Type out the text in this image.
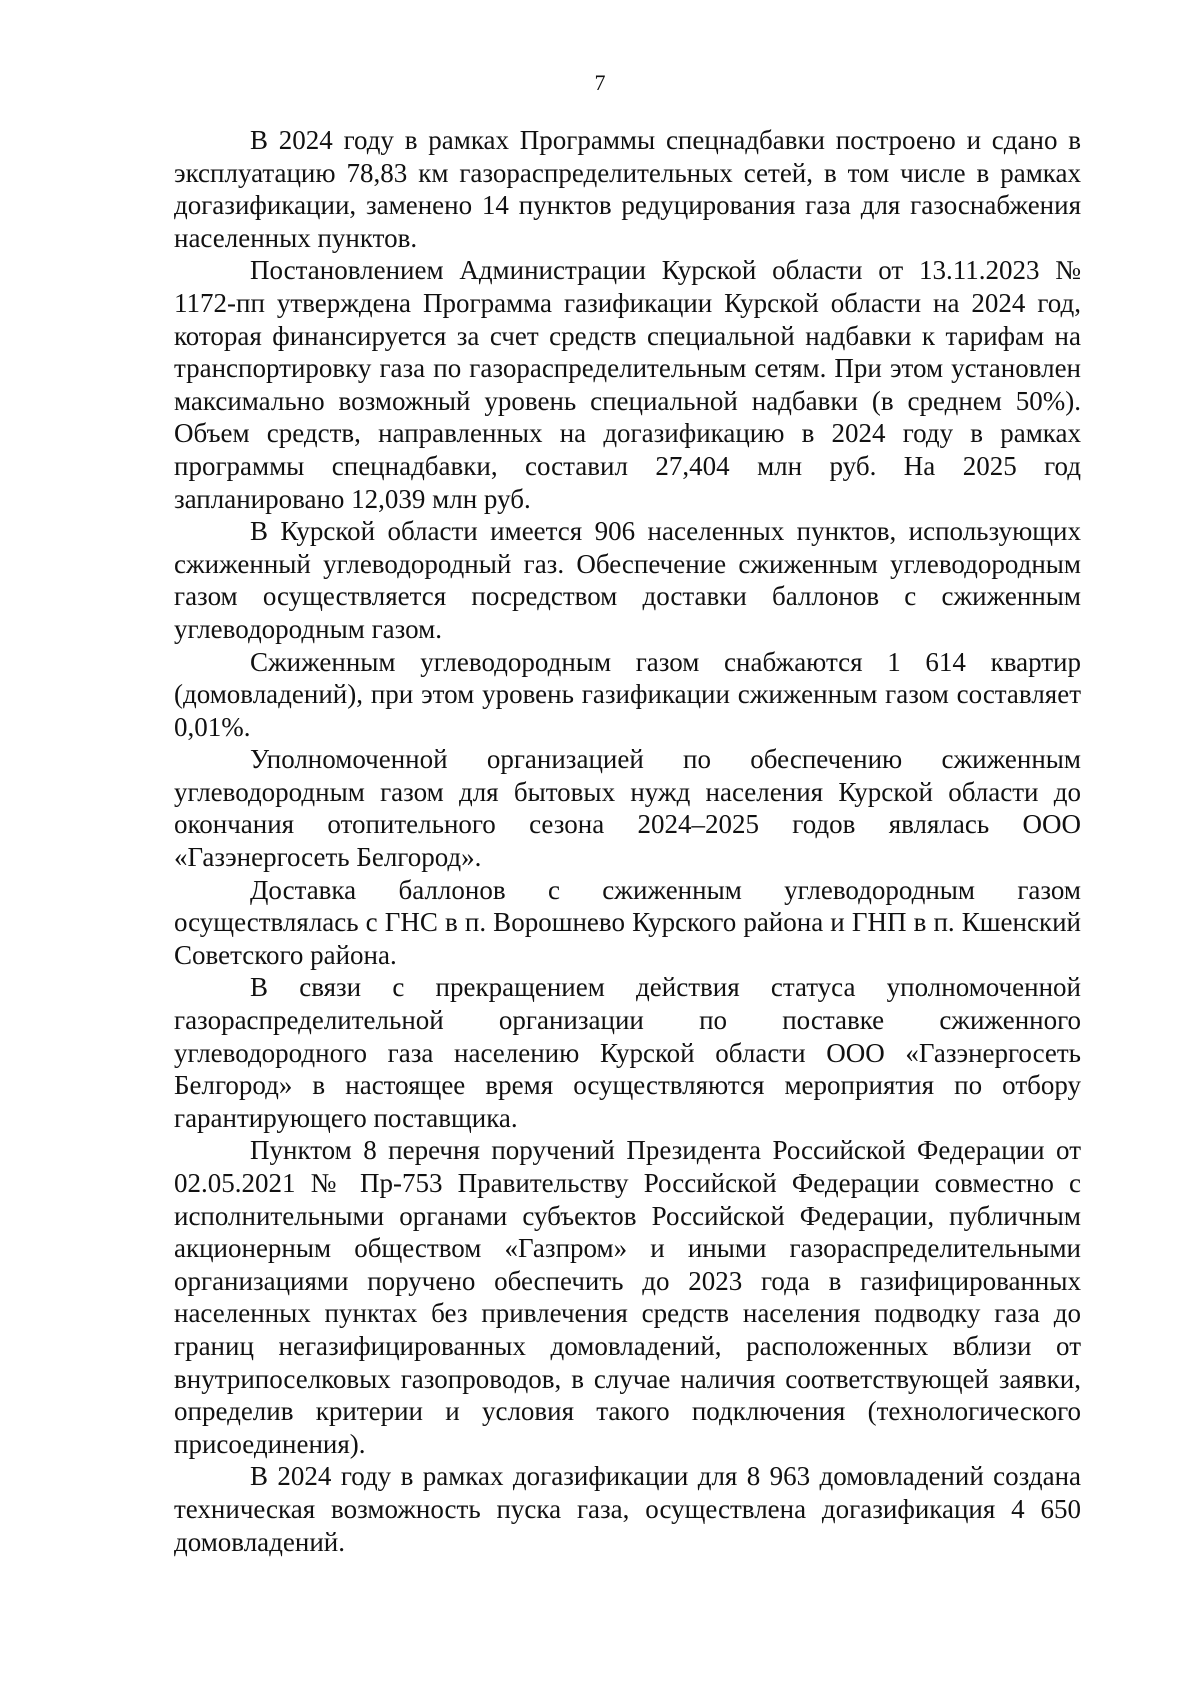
7

В 2024 году в рамках Программы спецнадбавки построено и сдано в эксплуатацию 78,83 км газораспределительных сетей, в том числе в рамках догазификации, заменено 14 пунктов редуцирования газа для газоснабжения населенных пунктов.

Постановлением Администрации Курской области от 13.11.2023 № 1172-пп утверждена Программа газификации Курской области на 2024 год, которая финансируется за счет средств специальной надбавки к тарифам на транспортировку газа по газораспределительным сетям. При этом установлен максимально возможный уровень специальной надбавки (в среднем 50%). Объем средств, направленных на догазификацию в 2024 году в рамках программы спецнадбавки, составил 27,404 млн руб. На 2025 год запланировано 12,039 млн руб.

В Курской области имеется 906 населенных пунктов, использующих сжиженный углеводородный газ. Обеспечение сжиженным углеводородным газом осуществляется посредством доставки баллонов с сжиженным углеводородным газом.

Сжиженным углеводородным газом снабжаются 1 614 квартир (домовладений), при этом уровень газификации сжиженным газом составляет 0,01%.

Уполномоченной организацией по обеспечению сжиженным углеводородным газом для бытовых нужд населения Курской области до окончания отопительного сезона 2024–2025 годов являлась ООО «Газэнергосеть Белгород».

Доставка баллонов с сжиженным углеводородным газом осуществлялась с ГНС в п. Ворошнево Курского района и ГНП в п. Кшенский Советского района.

В связи с прекращением действия статуса уполномоченной газораспределительной организации по поставке сжиженного углеводородного газа населению Курской области ООО «Газэнергосеть Белгород» в настоящее время осуществляются мероприятия по отбору гарантирующего поставщика.

Пунктом 8 перечня поручений Президента Российской Федерации от 02.05.2021 № Пр-753 Правительству Российской Федерации совместно с исполнительными органами субъектов Российской Федерации, публичным акционерным обществом «Газпром» и иными газораспределительными организациями поручено обеспечить до 2023 года в газифицированных населенных пунктах без привлечения средств населения подводку газа до границ негазифицированных домовладений, расположенных вблизи от внутрипоселковых газопроводов, в случае наличия соответствующей заявки, определив критерии и условия такого подключения (технологического присоединения).

В 2024 году в рамках догазификации для 8 963 домовладений создана техническая возможность пуска газа, осуществлена догазификация 4 650 домовладений.
